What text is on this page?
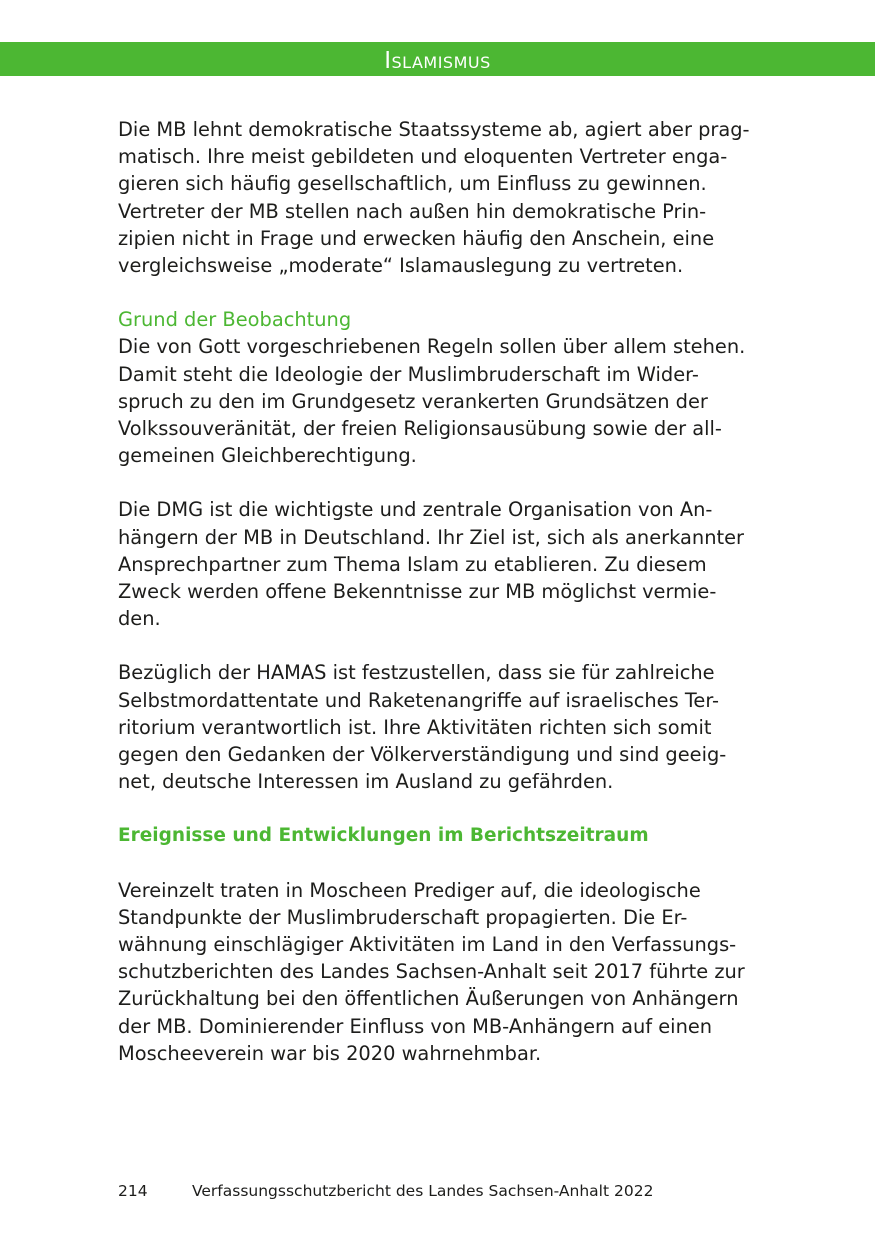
Islamismus

Die MB lehnt demokratische Staatssysteme ab, agiert aber prag-
matisch. Ihre meist gebildeten und eloquenten Vertreter enga-
gieren sich häufig gesellschaftlich, um Einfluss zu gewinnen.
Vertreter der MB stellen nach außen hin demokratische Prin-
zipien nicht in Frage und erwecken häufig den Anschein, eine
vergleichsweise „moderate“ Islamauslegung zu vertreten.

Grund der Beobachtung

Die von Gott vorgeschriebenen Regeln sollen über allem stehen.
Damit steht die Ideologie der Muslimbruderschaft im Wider-
spruch zu den im Grundgesetz verankerten Grundsätzen der
Volkssouveränität, der freien Religionsausübung sowie der all-
gemeinen Gleichberechtigung.

Die DMG ist die wichtigste und zentrale Organisation von An-
hängern der MB in Deutschland. Ihr Ziel ist, sich als anerkannter
Ansprechpartner zum Thema Islam zu etablieren. Zu diesem
Zweck werden offene Bekenntnisse zur MB möglichst vermie-
den.

Bezüglich der HAMAS ist festzustellen, dass sie für zahlreiche
Selbstmordattentate und Raketenangriffe auf israelisches Ter-
ritorium verantwortlich ist. Ihre Aktivitäten richten sich somit
gegen den Gedanken der Völkerverständigung und sind geeig-
net, deutsche Interessen im Ausland zu gefährden.

Ereignisse und Entwicklungen im Berichtszeitraum

Vereinzelt traten in Moscheen Prediger auf, die ideologische
Standpunkte der Muslimbruderschaft propagierten. Die Er-
wähnung einschlägiger Aktivitäten im Land in den Verfassungs-
schutzberichten des Landes Sachsen-Anhalt seit 2017 führte zur
Zurückhaltung bei den öffentlichen Äußerungen von Anhängern
der MB. Dominierender Einfluss von MB-Anhängern auf einen
Moscheeverein war bis 2020 wahrnehmbar.

214	Verfassungsschutzbericht des Landes Sachsen-Anhalt 2022
